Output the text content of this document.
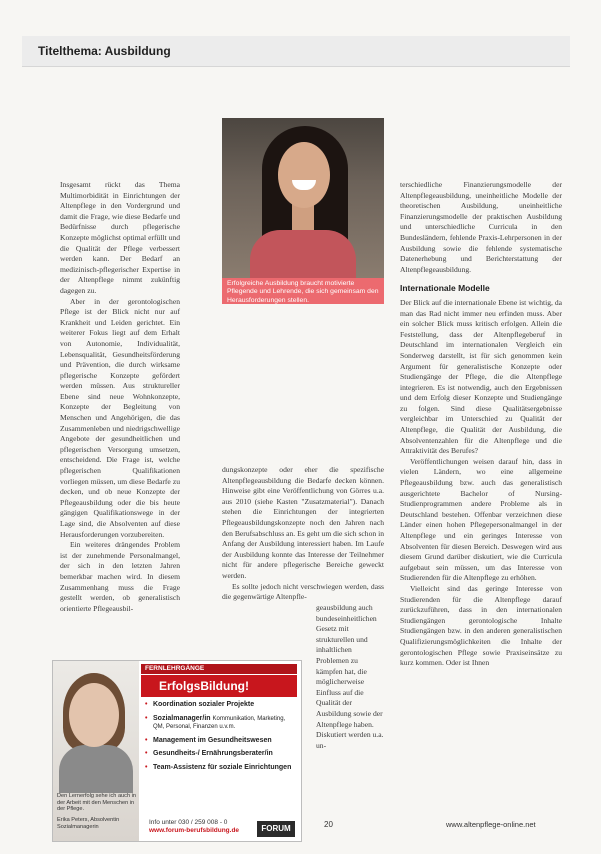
Titelthema: Ausbildung
Erfolgreiche Ausbildung braucht motivierte Pflegende und Lehrende, die sich gemeinsam den Herausforderungen stellen.

Insgesamt rückt das Thema Multimorbidität in Einrichtungen der Altenpflege in den Vordergrund und damit die Frage, wie diese Bedarfe und Bedürfnisse durch pflegerische Konzepte möglichst optimal erfüllt und die Qualität der Pflege verbessert werden kann. Der Bedarf an medizinisch-pflegerischer Expertise in der Altenpflege nimmt zukünftig dagegen zu.

Aber in der gerontologischen Pflege ist der Blick nicht nur auf Krankheit und Leiden gerichtet. Ein weiterer Fokus liegt auf dem Erhalt von Autonomie, Individualität, Lebensqualität, Gesundheitsförderung und Prävention, die durch wirksame pflegerische Konzepte gefördert werden müssen. Aus struktureller Ebene sind neue Wohnkonzepte, Konzepte der Begleitung von Menschen und Angehörigen, die das Zusammenleben und niedrigschwellige Angebote der gesundheitlichen und pflegerischen Versorgung umsetzen, entscheidend. Die Frage ist, welche pflegerischen Qualifikationen vorliegen müssen, um diese Bedarfe zu decken, und ob neue Konzepte der Pflegeausbildung oder die bis heute gängigen Qualifikationswege in der Lage sind, die Absolventen auf diese Herausforderungen vorzubereiten.

Ein weiteres drängendes Problem ist der zunehmende Personalmangel, der sich in den letzten Jahren bemerkbar machen wird. In diesem Zusammenhang muss die Frage gestellt werden, ob generalistisch orientierte Pflegeausbil-

dungskonzepte oder eher die spezifische Altenpflegeausbildung die Bedarfe decken können. Hinweise gibt eine Veröffentlichung von Görres u.a. aus 2010 (siehe Kasten "Zusatzmaterial"). Danach stehen die Einrichtungen der integrierten Pflegeausbildungskonzepte noch den Jahren nach den Berufsabschluss an. Es geht um die sich schon in Anfang der Ausbildung interessiert haben. Im Laufe der Ausbildung konnte das Interesse der Teilnehmer nicht für andere pflegerische Bereiche geweckt werden.

Es sollte jedoch nicht verschwiegen werden, dass die gegenwärtige Altenpfle-

geausbildung auch bundeseinheitlichen Gesetz mit strukturellen und inhaltlichen Problemen zu kämpfen hat, die möglicherweise Einfluss auf die Qualität der Ausbildung sowie der Altenpflege haben. Diskutiert werden u.a. un-

terschiedliche Finanzierungsmodelle der Altenpflegeausbildung, uneinheitliche Modelle der theoretischen Ausbildung, uneinheitliche Finanzierungsmodelle der praktischen Ausbildung und unterschiedliche Curricula in den Bundesländern, fehlende Praxis-Lehrpersonen in der Ausbildung sowie die fehlende systematische Datenerhebung und Berichterstattung der Altenpflegeausbildung.

Internationale Modelle

Der Blick auf die internationale Ebene ist wichtig, da man das Rad nicht immer neu erfinden muss. Aber ein solcher Blick muss kritisch erfolgen. Allein die Feststellung, dass der Altenpflegeberuf in Deutschland im internationalen Vergleich ein Sonderweg darstellt, ist für sich genommen kein Argument für generalistische Konzepte oder Studiengänge der Pflege, die die Altenpflege integrieren. Es ist notwendig, auch den Ergebnissen und dem Erfolg dieser Konzepte und Studiengänge zu folgen. Sind diese Qualitätsergebnisse vergleichbar im Unterschied zu Qualität der Altenpflege, die Qualität der Ausbildung, die Absolventenzahlen für die Altenpflege und die Attraktivität des Berufes?

Veröffentlichungen weisen darauf hin, dass in vielen Ländern, wo eine allgemeine Pflegeausbildung bzw. auch das generalistisch ausgerichtete Bachelor of Nursing-Studienprogrammen andere Probleme als in Deutschland bestehen. Offenbar verzeichnen diese Länder einen hohen Pflegepersonalmangel in der Altenpflege und ein geringes Interesse von Absolventen für diesen Bereich. Deswegen wird aus diesem Grund darüber diskutiert, wie die Curricula aufgebaut sein müssen, um das Interesse von Studierenden für die Altenpflege zu erhöhen.

Vielleicht sind das geringe Interesse von Studierenden für die Altenpflege darauf zurückzuführen, dass in den internationalen Studiengängen gerontologische Inhalte Studiengängen bzw. in den anderen generalistischen Qualifizierungsmöglichkeiten die Inhalte der gerontologischen Pflege sowie Praxiseinsätze zu kurz kommen. Oder ist Ihnen

Den Lernerfolg sehe ich auch in der Arbeit mit den Menschen in der Pflege.
Erika Peters, Absolventin Sozialmanagerin
FERNLEHRGÄNGE
ErfolgsBildung!
• Koordination sozialer Projekte
• Sozialmanager/in Kommunikation, Marketing, QM, Personal, Finanzen u.v.m.
• Management im Gesundheitswesen
• Gesundheits-/ Ernährungsberater/in
• Team-Assistenz für soziale Einrichtungen
Info unter 030 / 259 008 - 0
www.forum-berufsbildung.de	FORUM	20	www.altenpflege-online.net
